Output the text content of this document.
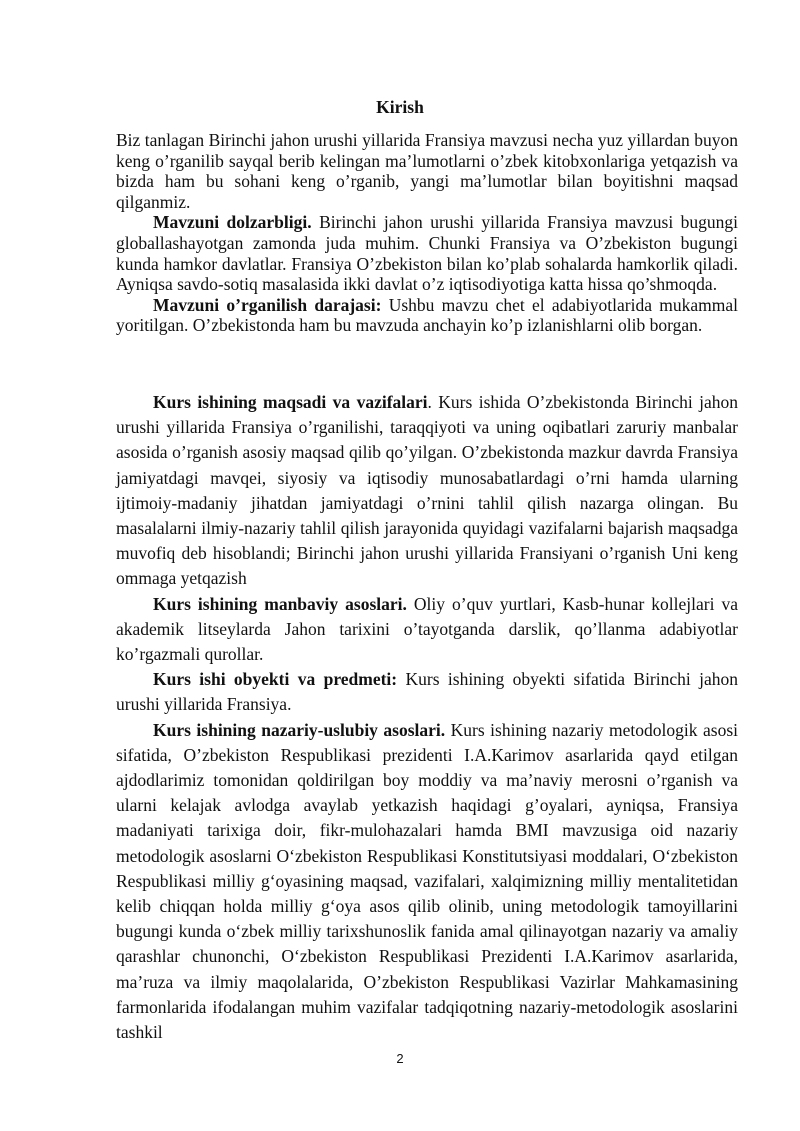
Kirish

Biz tanlagan Birinchi jahon urushi yillarida Fransiya mavzusi necha yuz yillardan buyon keng o’rganilib sayqal berib kelingan ma’lumotlarni o’zbek kitobxonlariga yetqazish va bizda ham bu sohani keng o’rganib, yangi ma’lumotlar bilan boyitishni maqsad qilganmiz.

Mavzuni dolzarbligi. Birinchi jahon urushi yillarida Fransiya mavzusi bugungi globallashayotgan zamonda juda muhim. Chunki Fransiya va O’zbekiston bugungi kunda hamkor davlatlar. Fransiya O’zbekiston bilan ko’plab sohalarda hamkorlik qiladi. Ayniqsa savdo-sotiq masalasida ikki davlat o’z iqtisodiyotiga katta hissa qo’shmoqda.

Mavzuni o’rganilish darajasi: Ushbu mavzu chet el adabiyotlarida mukammal yoritilgan. O’zbekistonda ham bu mavzuda anchayin ko’p izlanishlarni olib borgan.

Kurs ishining maqsadi va vazifalari. Kurs ishida O’zbekistonda Birinchi jahon urushi yillarida Fransiya o’rganilishi, taraqqiyoti va uning oqibatlari zaruriy manbalar asosida o’rganish asosiy maqsad qilib qo’yilgan. O’zbekistonda mazkur davrda Fransiya jamiyatdagi mavqei, siyosiy va iqtisodiy munosabatlardagi o’rni hamda ularning ijtimoiy-madaniy jihatdan jamiyatdagi o’rnini tahlil qilish nazarga olingan. Bu masalalarni ilmiy-nazariy tahlil qilish jarayonida quyidagi vazifalarni bajarish maqsadga muvofiq deb hisoblandi; Birinchi jahon urushi yillarida Fransiyani o’rganish Uni keng ommaga yetqazish

Kurs ishining manbaviy asoslari. Oliy o’quv yurtlari, Kasb-hunar kollejlari va akademik litseylarda Jahon tarixini o’tayotganda darslik, qo’llanma adabiyotlar ko’rgazmali qurollar.

Kurs ishi obyekti va predmeti: Kurs ishining obyekti sifatida Birinchi jahon urushi yillarida Fransiya.

Kurs ishining nazariy-uslubiy asoslari. Kurs ishining nazariy metodologik asosi sifatida, O’zbekiston Respublikasi prezidenti I.A.Karimov asarlarida qayd etilgan ajdodlarimiz tomonidan qoldirilgan boy moddiy va ma’naviy merosni o’rganish va ularni kelajak avlodga avaylab yetkazish haqidagi g’oyalari, ayniqsa, Fransiya madaniyati tarixiga doir, fikr-mulohazalari hamda BMI mavzusiga oid nazariy metodologik asoslarni O‘zbekiston Respublikasi Konstitutsiyasi moddalari, O‘zbekiston Respublikasi milliy g‘oyasining maqsad, vazifalari, xalqimizning milliy mentalitetidan kelib chiqqan holda milliy g‘oya asos qilib olinib, uning metodologik tamoyillarini bugungi kunda o‘zbek milliy tarixshunoslik fanida amal qilinayotgan nazariy va amaliy qarashlar chunonchi, O‘zbekiston Respublikasi Prezidenti I.A.Karimov asarlarida, ma’ruza va ilmiy maqolalarida, O’zbekiston Respublikasi Vazirlar Mahkamasining farmonlarida ifodalangan muhim vazifalar tadqiqotning nazariy-metodologik asoslarini tashkil

2
